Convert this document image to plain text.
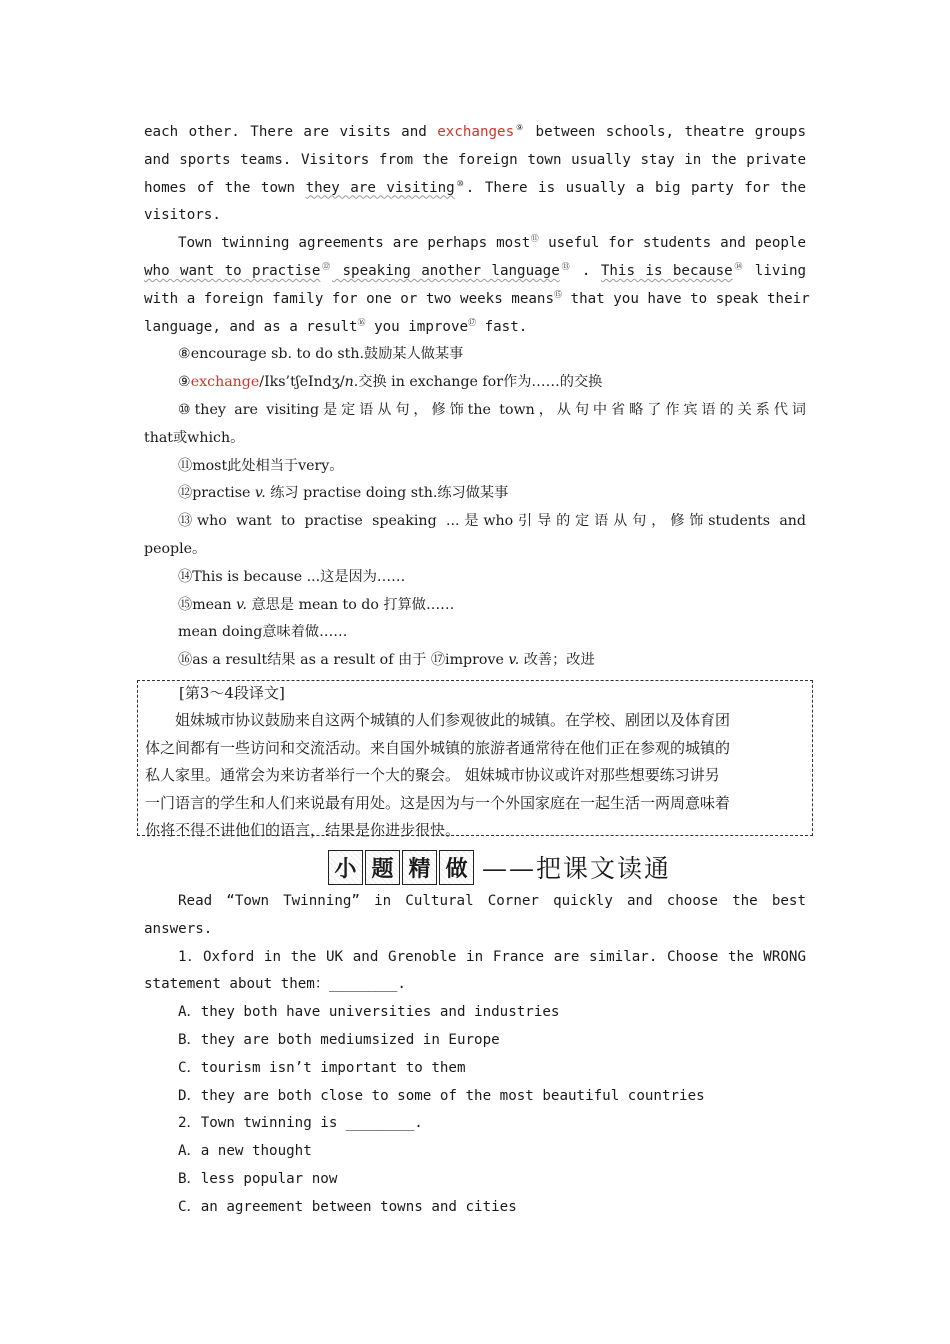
each other. There are visits and exchanges⑨ between schools, theatre groups
and sports teams. Visitors from the foreign town usually stay in the private
homes of the town they are visiting⑩. There is usually a big party for the
visitors.
Town twinning agreements are perhaps most⑪ useful for students and people
who want to practise⑫ speaking another language⑬ . This is because⑭ living
with a foreign family for one or two weeks means⑮ that you have to speak their
language, and as a result⑯ you improve⑰ fast.
⑧encourage sb. to do sth.鼓励某人做某事
⑨exchange/Iks’tʃeIndʒ/n.交换 in exchange for作为……的交换
⑩they are visiting是定语从句，修饰the town，从句中省略了作宾语的关系代词
that或which。
⑪most此处相当于very。
⑫practise v. 练习 practise doing sth.练习做某事
⑬who want to practise speaking ...是who引导的定语从句，修饰students and
people。
⑭This is because ...这是因为……
⑮mean v. 意思是 mean to do 打算做……
mean doing意味着做……
⑯as a result结果 as a result of 由于 ⑰improve v. 改善；改进
[第3～4段译文]
姐妹城市协议鼓励来自这两个城镇的人们参观彼此的城镇。在学校、剧团以及体育团
体之间都有一些访问和交流活动。来自国外城镇的旅游者通常待在他们正在参观的城镇的
私人家里。通常会为来访者举行一个大的聚会。 姐妹城市协议或许对那些想要练习讲另
一门语言的学生和人们来说最有用处。这是因为与一个外国家庭在一起生活一两周意味着
你将不得不讲他们的语言，结果是你进步很快。
小 题 精 做 ——把课文读通
Read “Town Twinning” in Cultural Corner quickly and choose the best
answers.
1．Oxford in the UK and Grenoble in France are similar. Choose the WRONG
statement about them：________.
A．they both have universities and industries
B．they are both mediumsized in Europe
C．tourism isn’t important to them
D．they are both close to some of the most beautiful countries
2．Town twinning is ________.
A．a new thought
B．less popular now
C．an agreement between towns and cities
